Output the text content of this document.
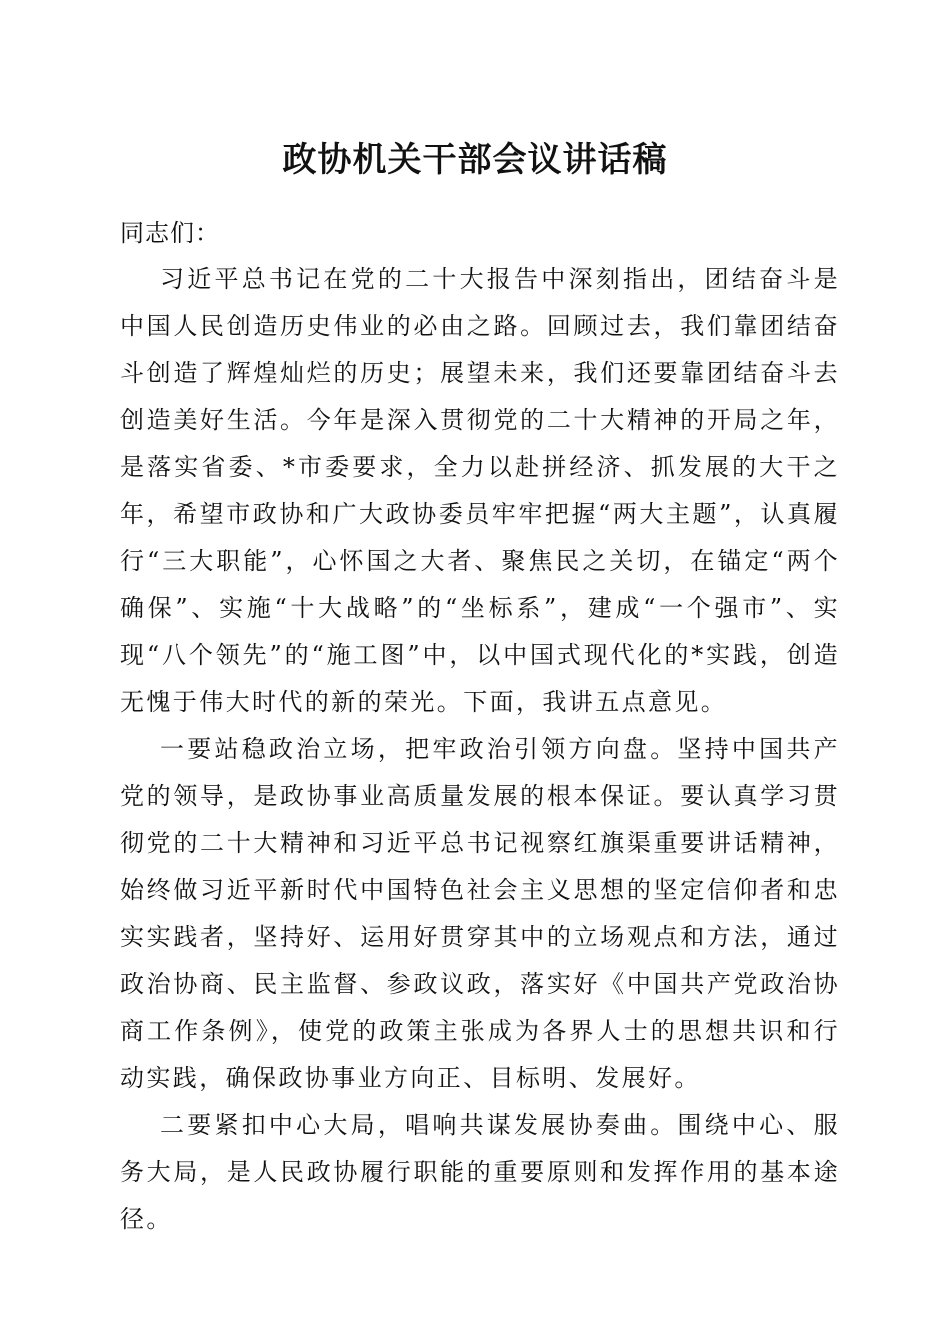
政协机关干部会议讲话稿

同志们：

习近平总书记在党的二十大报告中深刻指出，团结奋斗是中国人民创造历史伟业的必由之路。回顾过去，我们靠团结奋斗创造了辉煌灿烂的历史；展望未来，我们还要靠团结奋斗去创造美好生活。今年是深入贯彻党的二十大精神的开局之年，是落实省委、*市委要求，全力以赴拼经济、抓发展的大干之年，希望市政协和广大政协委员牢牢把握“两大主题”，认真履行“三大职能”，心怀国之大者、聚焦民之关切，在锚定“两个确保”、实施“十大战略”的“坐标系”，建成“一个强市”、实现“八个领先”的“施工图”中，以中国式现代化的*实践，创造无愧于伟大时代的新的荣光。下面，我讲五点意见。

一要站稳政治立场，把牢政治引领方向盘。坚持中国共产党的领导，是政协事业高质量发展的根本保证。要认真学习贯彻党的二十大精神和习近平总书记视察红旗渠重要讲话精神，始终做习近平新时代中国特色社会主义思想的坚定信仰者和忠实实践者，坚持好、运用好贯穿其中的立场观点和方法，通过政治协商、民主监督、参政议政，落实好《中国共产党政治协商工作条例》，使党的政策主张成为各界人士的思想共识和行动实践，确保政协事业方向正、目标明、发展好。

二要紧扣中心大局，唱响共谋发展协奏曲。围绕中心、服务大局，是人民政协履行职能的重要原则和发挥作用的基本途径。
